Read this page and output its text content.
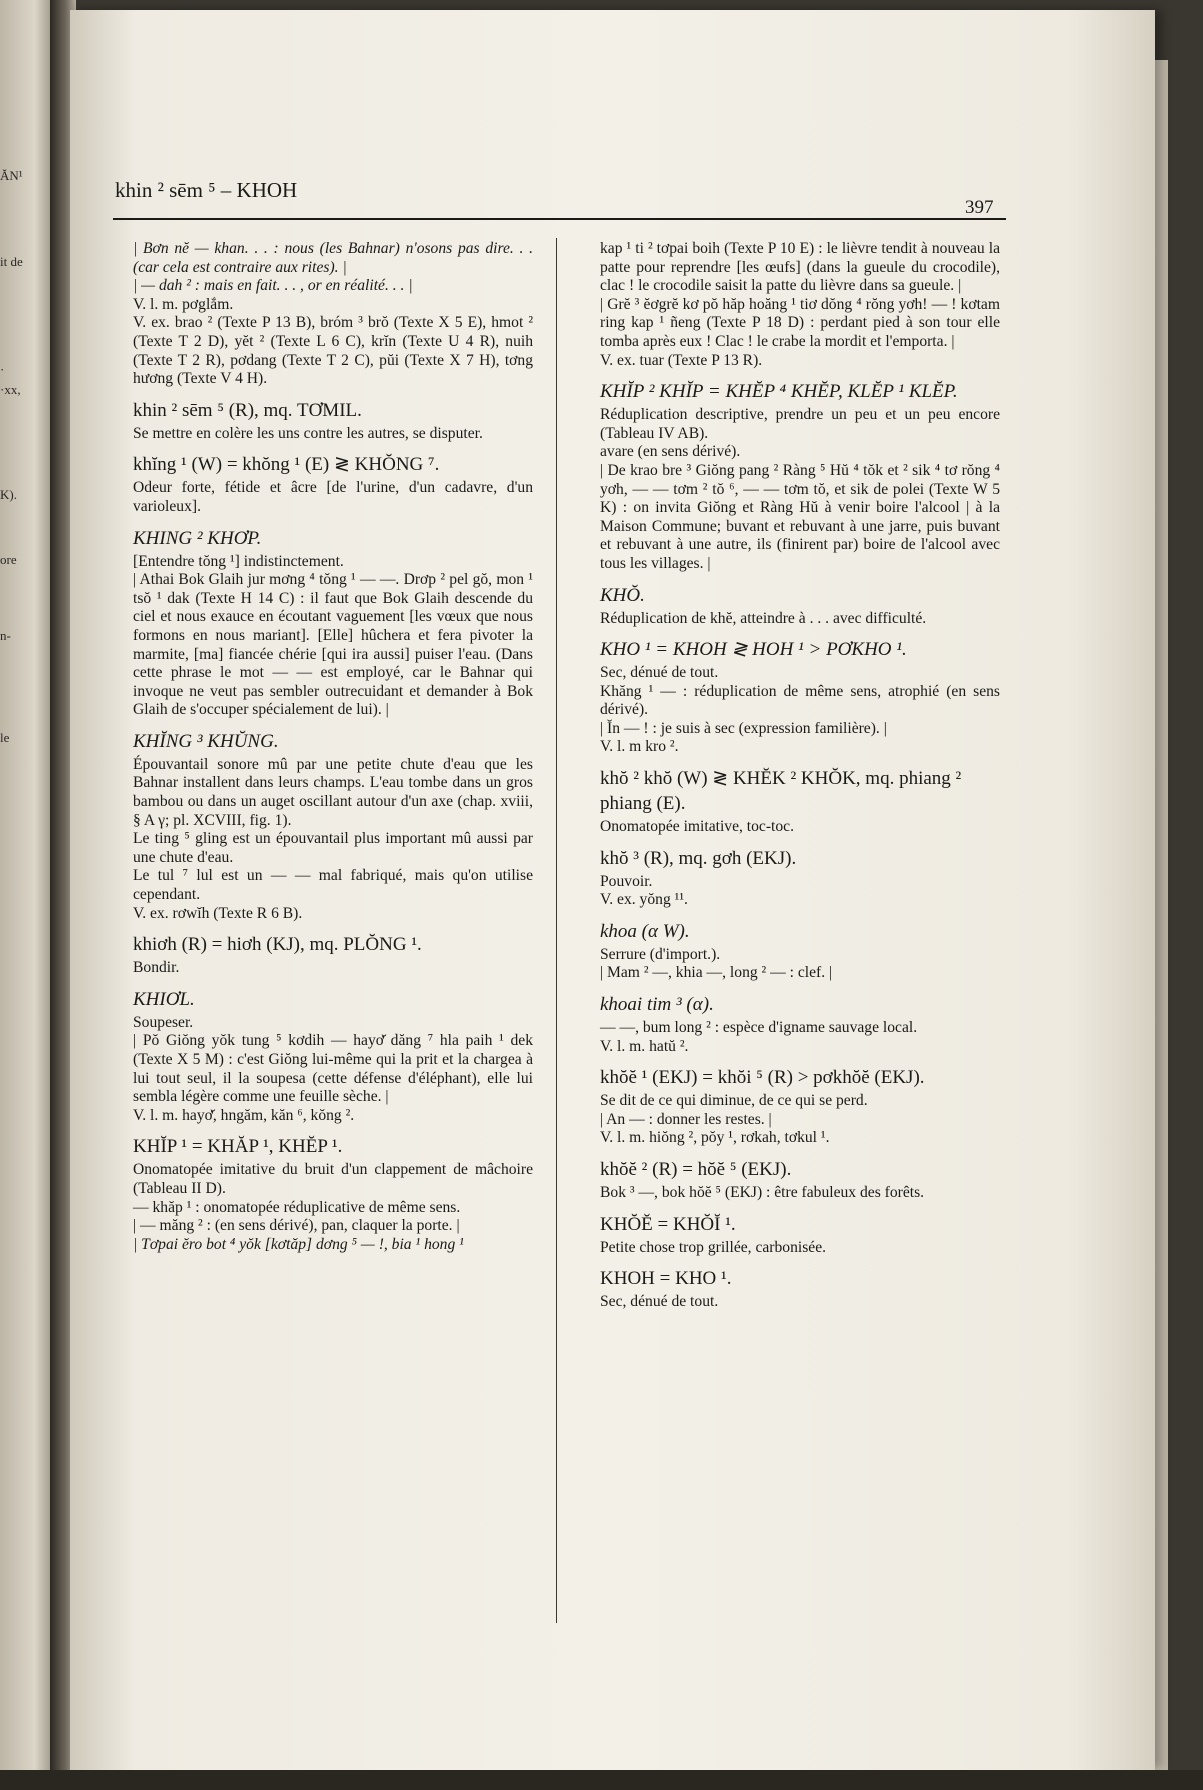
ĂN¹
it de
·
·xx,
K).
ore
n-
le
khin ² sēm ⁵ – KHOH
397
| Bơn nĕ — khan. . . : nous (les Bahnar) n'osons pas dire. . . (car cela est contraire aux rites). |
| — dah ² : mais en fait. . . , or en réalité. . . |
V. l. m. pơglắm.
V. ex. brao ² (Texte P 13 B), bróm ³ brŏ (Texte X 5 E), hmot ² (Texte T 2 D), yĕt ² (Texte L 6 C), krĭn (Texte U 4 R), nuih (Texte T 2 R), pơdang (Texte T 2 C), pŭi (Texte X 7 H), tơng hương (Texte V 4 H).
khin ² sēm ⁵ (R), mq. TƠMIL.
Se mettre en colère les uns contre les autres, se disputer.
khĭng ¹ (W) = khŏng ¹ (E) ≷ KHŎNG ⁷.
Odeur forte, fétide et âcre [de l'urine, d'un cadavre, d'un varioleux].
KHING ² KHƠP.
[Entendre tŏng ¹] indistinctement.
| Athai Bok Glaih jur mơng ⁴ tŏng ¹ — —. Drơp ² pel gŏ, mon ¹ tsŏ ¹ dak (Texte H 14 C) : il faut que Bok Glaih descende du ciel et nous exauce en écoutant vaguement [les vœux que nous formons en nous mariant]. [Elle] hûchera et fera pivoter la marmite, [ma] fiancée chérie [qui ira aussi] puiser l'eau. (Dans cette phrase le mot — — est employé, car le Bahnar qui invoque ne veut pas sembler outrecuidant et demander à Bok Glaih de s'occuper spécialement de lui). |
KHĬNG ³ KHŬNG.
Épouvantail sonore mû par une petite chute d'eau que les Bahnar installent dans leurs champs. L'eau tombe dans un gros bambou ou dans un auget oscillant autour d'un axe (chap. xviii, § A γ; pl. XCVIII, fig. 1).
Le ting ⁵ gling est un épouvantail plus important mû aussi par une chute d'eau.
Le tul ⁷ lul est un — — mal fabriqué, mais qu'on utilise cependant.
V. ex. rơwĭh (Texte R 6 B).
khiơh (R) = hiơh (KJ), mq. PLŎNG ¹.
Bondir.
KHIƠL.
Soupeser.
| Pŏ Giŏng yŏk tung ⁵ kơdih — hayơ̆ dăng ⁷ hla paih ¹ dek (Texte X 5 M) : c'est Giŏng lui-même qui la prit et la chargea à lui tout seul, il la soupesa (cette défense d'éléphant), elle lui sembla légère comme une feuille sèche. |
V. l. m. hayơ̆, hngăm, kăn ⁶, kŏng ².
KHĬP ¹ = KHĂP ¹, KHĔP ¹.
Onomatopée imitative du bruit d'un clappement de mâchoire (Tableau II D).
— khăp ¹ : onomatopée réduplicative de même sens.
| — măng ² : (en sens dérivé), pan, claquer la porte. |
| Tơpai ĕro bot ⁴ yŏk [kơtăp] dơng ⁵ — !, bia ¹ hong ¹
kap ¹ ti ² tơpai boih (Texte P 10 E) : le lièvre tendit à nouveau la patte pour reprendre [les œufs] (dans la gueule du crocodile), clac ! le crocodile saisit la patte du lièvre dans sa gueule. |
| Grĕ ³ ĕơgrĕ kơ pŏ hăp hoăng ¹ tiơ dŏng ⁴ rŏng yơh! — ! kơtam ring kap ¹ ñeng (Texte P 18 D) : perdant pied à son tour elle tomba après eux ! Clac ! le crabe la mordit et l'emporta. |
V. ex. tuar (Texte P 13 R).
KHĬP ² KHĬP = KHĔP ⁴ KHĔP, KLĔP ¹ KLĔP.
Réduplication descriptive, prendre un peu et un peu encore (Tableau IV AB).
avare (en sens dérivé).
| De krao bre ³ Giŏng pang ² Ràng ⁵ Hŭ ⁴ tŏk et ² sik ⁴ tơ rŏng ⁴ yơh, — — tơm ² tŏ ⁶, — — tơm tŏ, et sik de polei (Texte W 5 K) : on invita Giŏng et Ràng Hŭ à venir boire l'alcool | à la Maison Commune; buvant et rebuvant à une jarre, puis buvant et rebuvant à une autre, ils (finirent par) boire de l'alcool avec tous les villages. |
KHŎ.
Réduplication de khĕ, atteindre à . . . avec difficulté.
KHO ¹ = KHOH ≷ HOH ¹ > PƠKHO ¹.
Sec, dénué de tout.
Khăng ¹ — : réduplication de même sens, atrophié (en sens dérivé).
| Ĭn — ! : je suis à sec (expression familière). |
V. l. m kro ².
khŏ ² khŏ (W) ≷ KHĔK ² KHŎK, mq. phiang ² phiang (E).
Onomatopée imitative, toc-toc.
khŏ ³ (R), mq. gơh (EKJ).
Pouvoir.
V. ex. yŏng ¹¹.
khoa (α W).
Serrure (d'import.).
| Mam ² —, khia —, long ² — : clef. |
khoai tim ³ (α).
— —, bum long ² : espèce d'igname sauvage local.
V. l. m. hatŭ ².
khŏĕ ¹ (EKJ) = khŏi ⁵ (R) > pơkhŏĕ (EKJ).
Se dit de ce qui diminue, de ce qui se perd.
| An — : donner les restes. |
V. l. m. hiŏng ², pŏy ¹, rơkah, tơkul ¹.
khŏĕ ² (R) = hŏĕ ⁵ (EKJ).
Bok ³ —, bok hŏĕ ⁵ (EKJ) : être fabuleux des forêts.
KHŎĔ = KHŎĬ ¹.
Petite chose trop grillée, carbonisée.
KHOH = KHO ¹.
Sec, dénué de tout.
